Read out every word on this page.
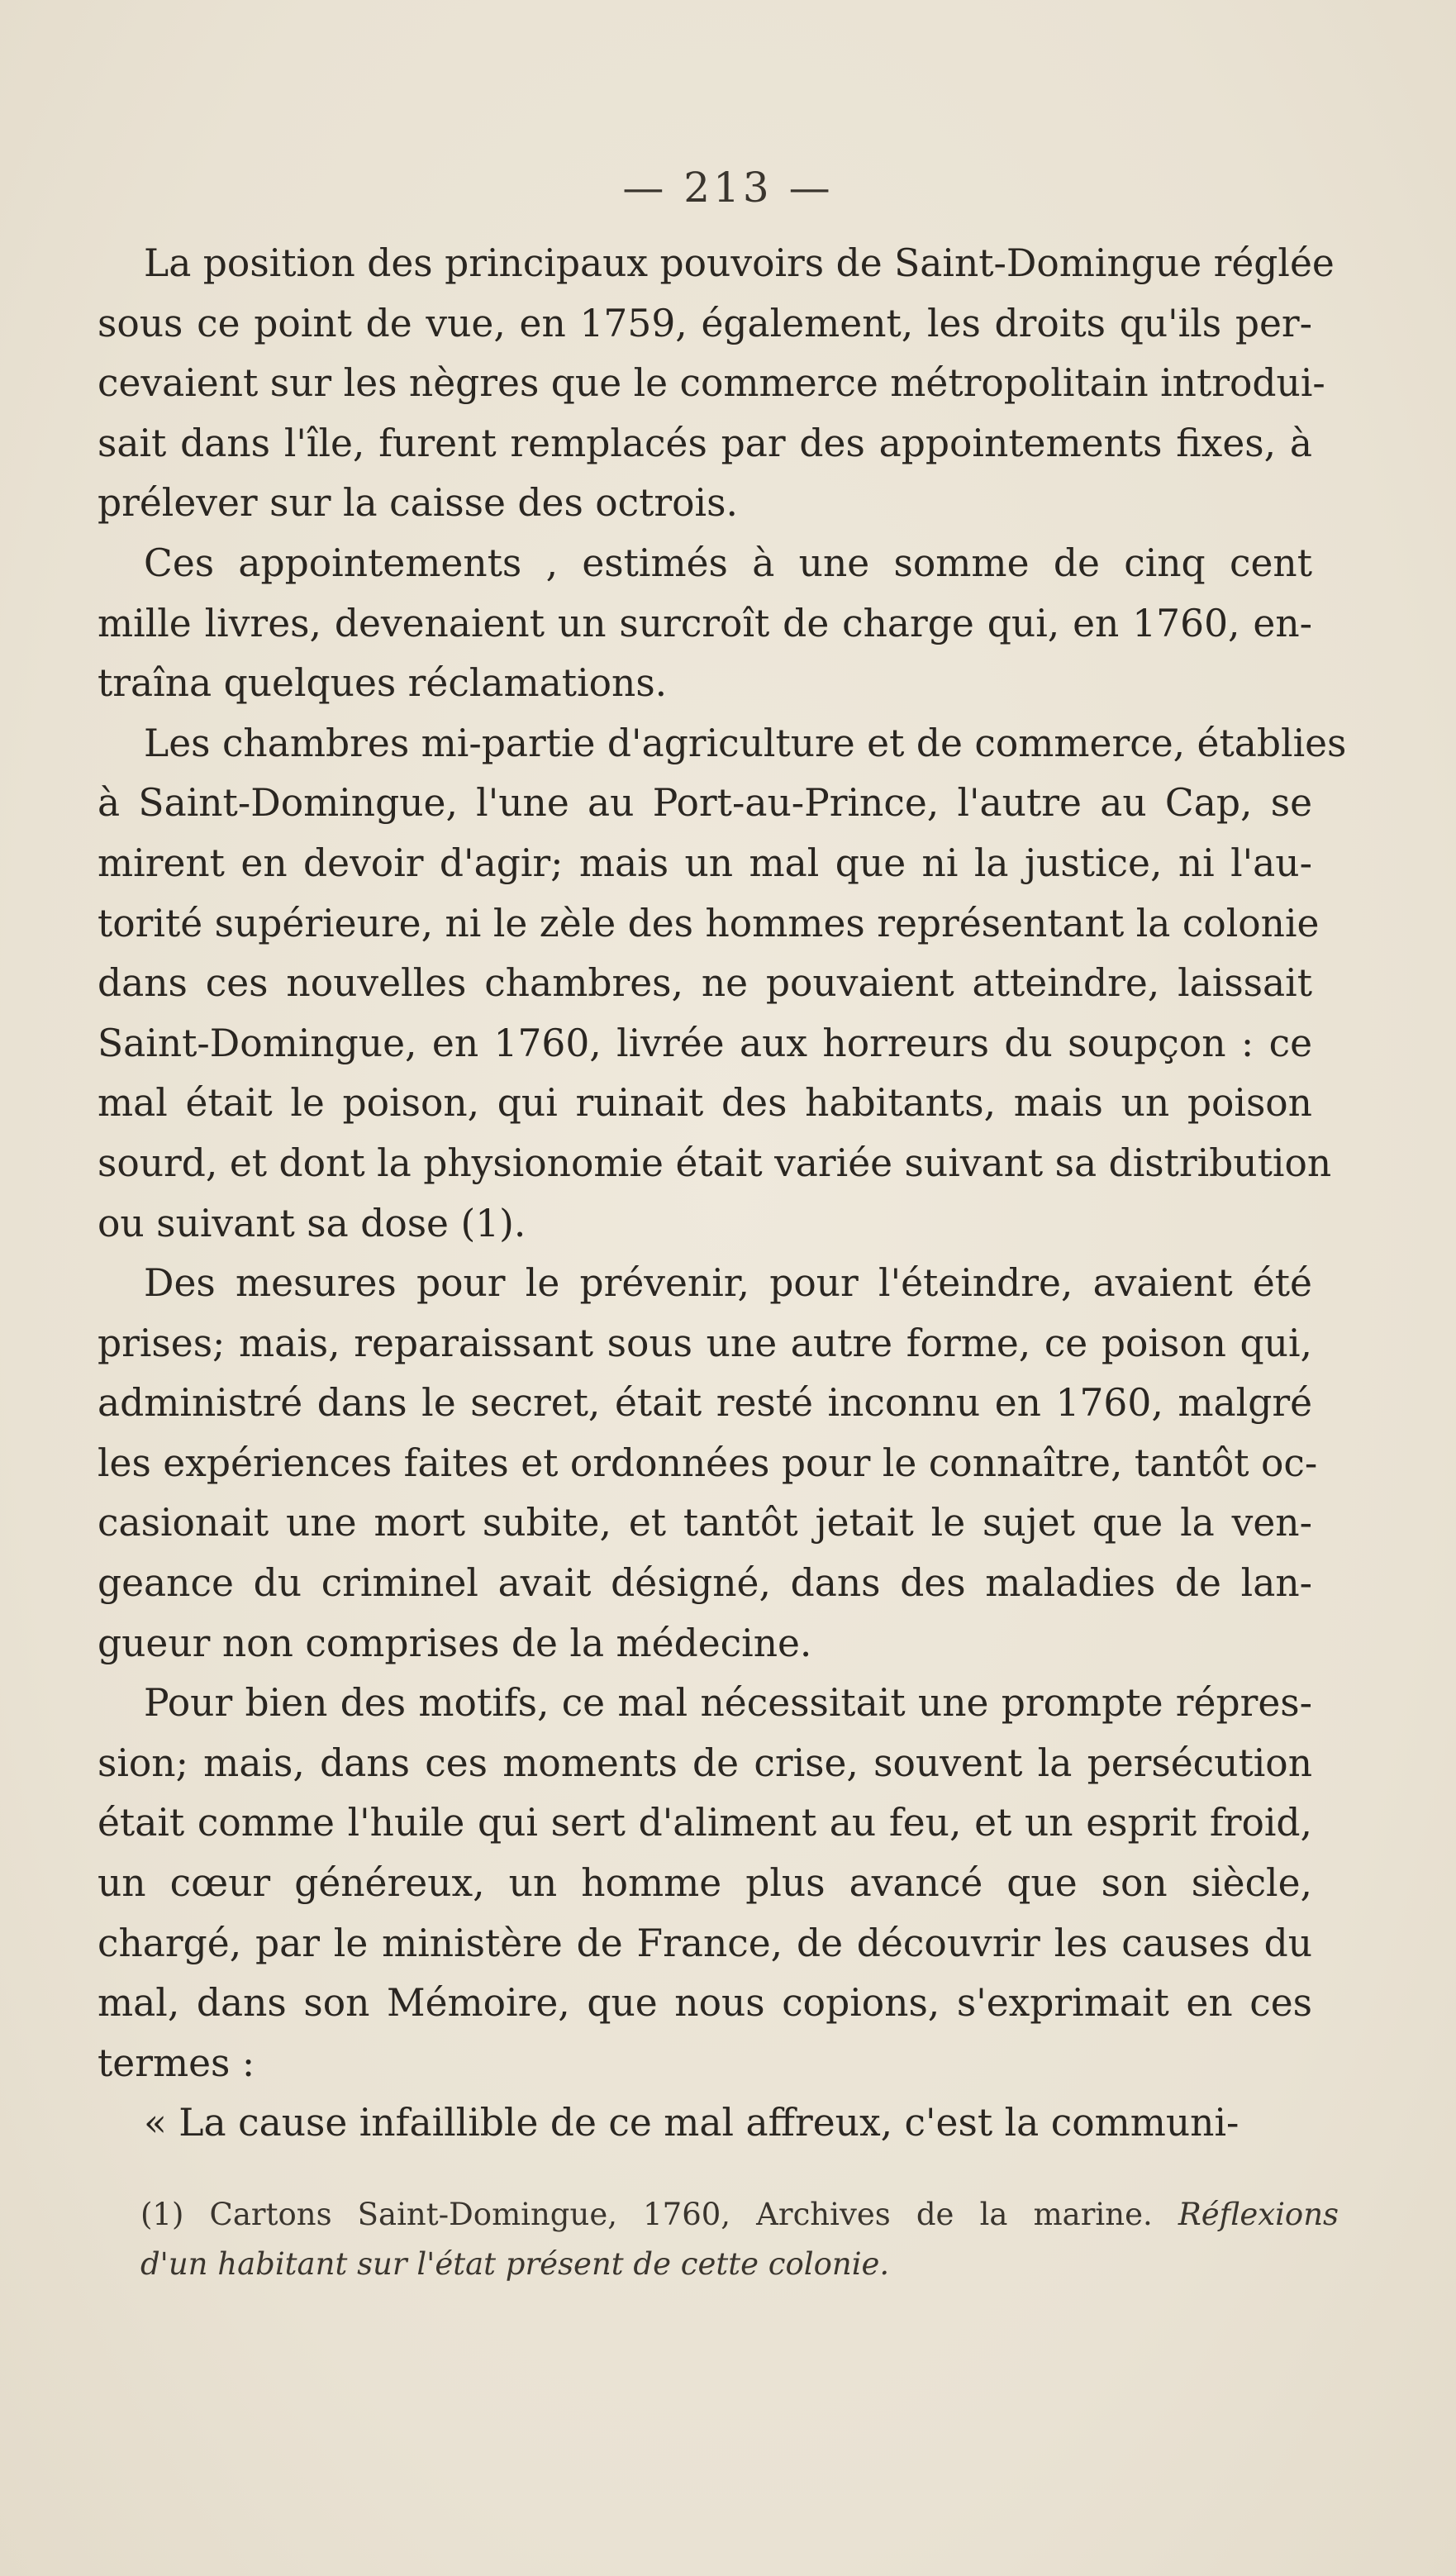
— 213 —
La position des principaux pouvoirs de Saint-Domingue réglée
sous ce point de vue, en 1759, également, les droits qu'ils per-
cevaient sur les nègres que le commerce métropolitain introdui-
sait dans l'île, furent remplacés par des appointements fixes, à
prélever sur la caisse des octrois.
Ces appointements , estimés à une somme de cinq cent
mille livres, devenaient un surcroît de charge qui, en 1760, en-
traîna quelques réclamations.
Les chambres mi-partie d'agriculture et de commerce, établies
à Saint-Domingue, l'une au Port-au-Prince, l'autre au Cap, se
mirent en devoir d'agir; mais un mal que ni la justice, ni l'au-
torité supérieure, ni le zèle des hommes représentant la colonie
dans ces nouvelles chambres, ne pouvaient atteindre, laissait
Saint-Domingue, en 1760, livrée aux horreurs du soupçon : ce
mal était le poison, qui ruinait des habitants, mais un poison
sourd, et dont la physionomie était variée suivant sa distribution
ou suivant sa dose (1).
Des mesures pour le prévenir, pour l'éteindre, avaient été
prises; mais, reparaissant sous une autre forme, ce poison qui,
administré dans le secret, était resté inconnu en 1760, malgré
les expériences faites et ordonnées pour le connaître, tantôt oc-
casionait une mort subite, et tantôt jetait le sujet que la ven-
geance du criminel avait désigné, dans des maladies de lan-
gueur non comprises de la médecine.
Pour bien des motifs, ce mal nécessitait une prompte répres-
sion; mais, dans ces moments de crise, souvent la persécution
était comme l'huile qui sert d'aliment au feu, et un esprit froid,
un cœur généreux, un homme plus avancé que son siècle,
chargé, par le ministère de France, de découvrir les causes du
mal, dans son Mémoire, que nous copions, s'exprimait en ces
termes :
« La cause infaillible de ce mal affreux, c'est la communi-
(1) Cartons Saint-Domingue, 1760, Archives de la marine. Réflexions
d'un habitant sur l'état présent de cette colonie.
